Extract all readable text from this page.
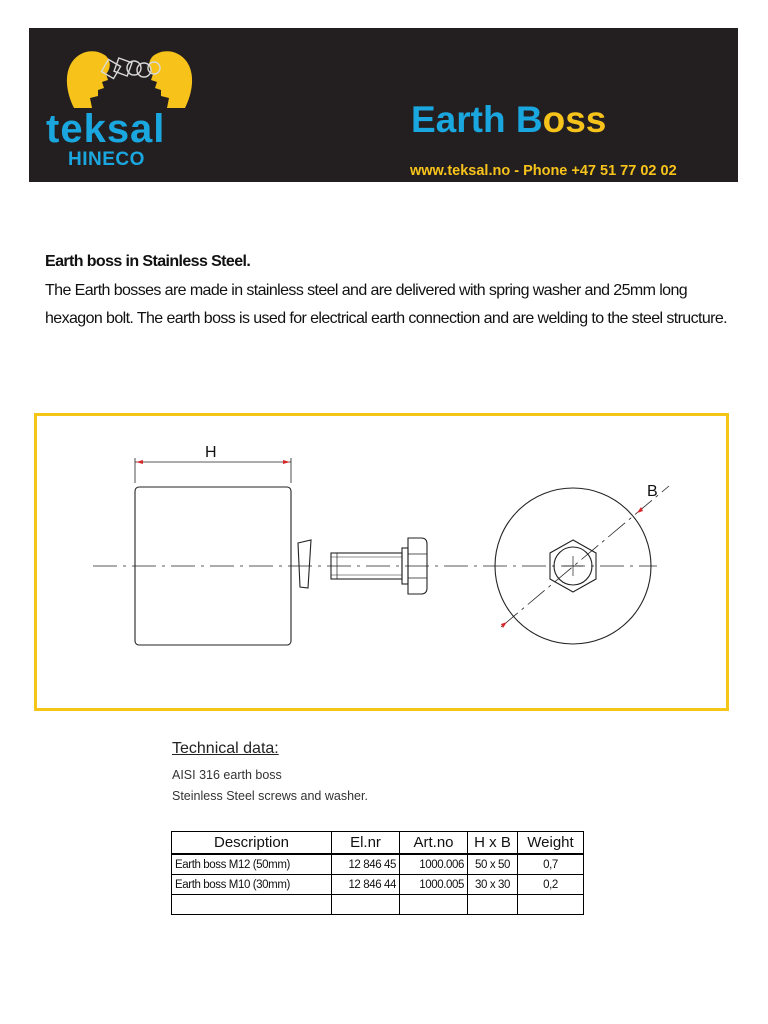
teksal
HINECO
Earth Boss
www.teksal.no - Phone +47 51 77 02 02
Earth boss in Stainless Steel.
The Earth bosses are made in stainless steel and are delivered with spring washer and 25mm long hexagon bolt. The earth boss is used for electrical earth connection and are welding to the steel structure.
H
B
Technical data:
AISI 316 earth boss
Steinless Steel screws and washer.
Description	El.nr	Art.no	H x B	Weight
Earth boss M12 (50mm)	12 846 45	1000.006	50 x 50	0,7
Earth boss M10 (30mm)	12 846 44	1000.005	30 x 30	0,2
